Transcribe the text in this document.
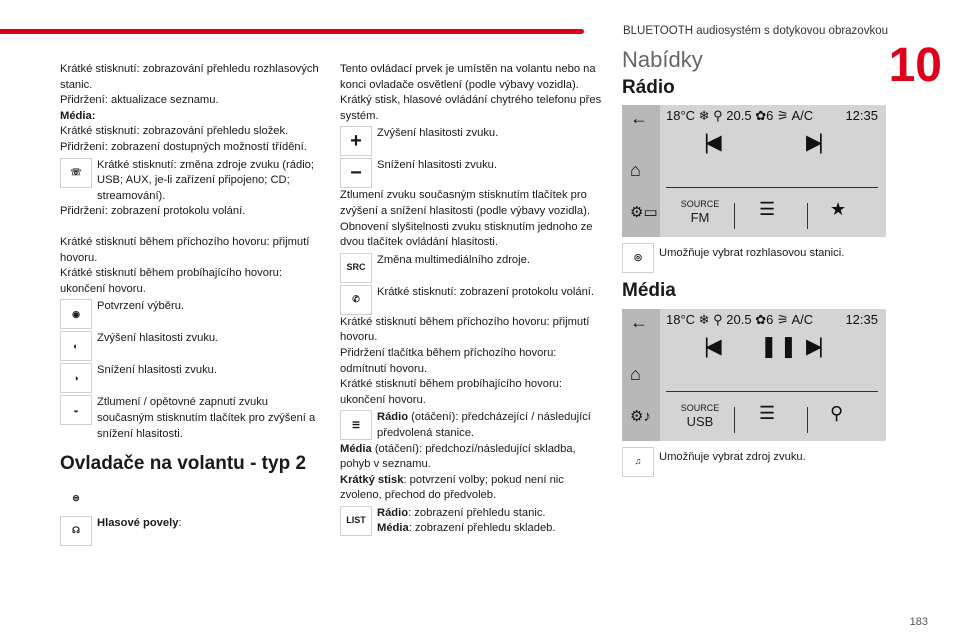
BLUETOOTH audiosystém s dotykovou obrazovkou
10
183

Krátké stisknutí: zobrazování přehledu rozhlasových stanic.

Přidržení: aktualizace seznamu.

Média:

Krátké stisknutí: zobrazování přehledu složek.

Přidržení: zobrazení dostupných možností třídění.

☏
Krátké stisknutí: změna zdroje zvuku (rádio; USB; AUX, je-li zařízení připojeno; CD; streamování).

Přidržení: zobrazení protokolu volání.

Krátké stisknutí během příchozího hovoru: přijmutí hovoru.

Krátké stisknutí během probíhajícího hovoru: ukončení hovoru.

◉
Potvrzení výběru.
◐
Zvýšení hlasitosti zvuku.
◑
Snížení hlasitosti zvuku.
◒
Ztlumení / opětovné zapnutí zvuku současným stisknutím tlačítek pro zvýšení a snížení hlasitosti.
Ovladače na volantu - typ 2
⊜
☊
Hlasové povely:

Tento ovládací prvek je umístěn na volantu nebo na konci ovladače osvětlení (podle výbavy vozidla).

Krátký stisk, hlasové ovládání chytrého telefonu přes systém.

+	Zvýšení hlasitosti zvuku.
−	Snížení hlasitosti zvuku.

Ztlumení zvuku současným stisknutím tlačítek pro zvýšení a snížení hlasitosti (podle výbavy vozidla).

Obnovení slyšitelnosti zvuku stisknutím jednoho ze dvou tlačítek ovládání hlasitosti.

SRC
Změna multimediálního zdroje.
✆
Krátké stisknutí: zobrazení protokolu volání.

Krátké stisknutí během příchozího hovoru: přijmutí hovoru.

Přidržení tlačítka během příchozího hovoru: odmítnutí hovoru.

Krátké stisknutí během probíhajícího hovoru: ukončení hovoru.

☰
Rádio (otáčení): předcházející / následující předvolená stanice.

Média (otáčení): předchozí/následující skladba, pohyb v seznamu.

Krátký stisk: potvrzení volby; pokud není nic zvoleno, přechod do předvoleb.

LIST
Rádio: zobrazení přehledu stanic.
Média: zobrazení přehledu skladeb.
Nabídky
Rádio
←
⌂
⚙▭
18°C ❄ ⚲ 20.5 ✿6 ⚞ A/C 12:35
|◀	▶|
SOURCE
FM	☰	★
◎	Umožňuje vybrat rozhlasovou stanici.
Média
←
⌂
⚙♪
18°C ❄ ⚲ 20.5 ✿6 ⚞ A/C 12:35
|◀ ❚❚ ▶|
SOURCE
USB	☰	⚲
♫	Umožňuje vybrat zdroj zvuku.
